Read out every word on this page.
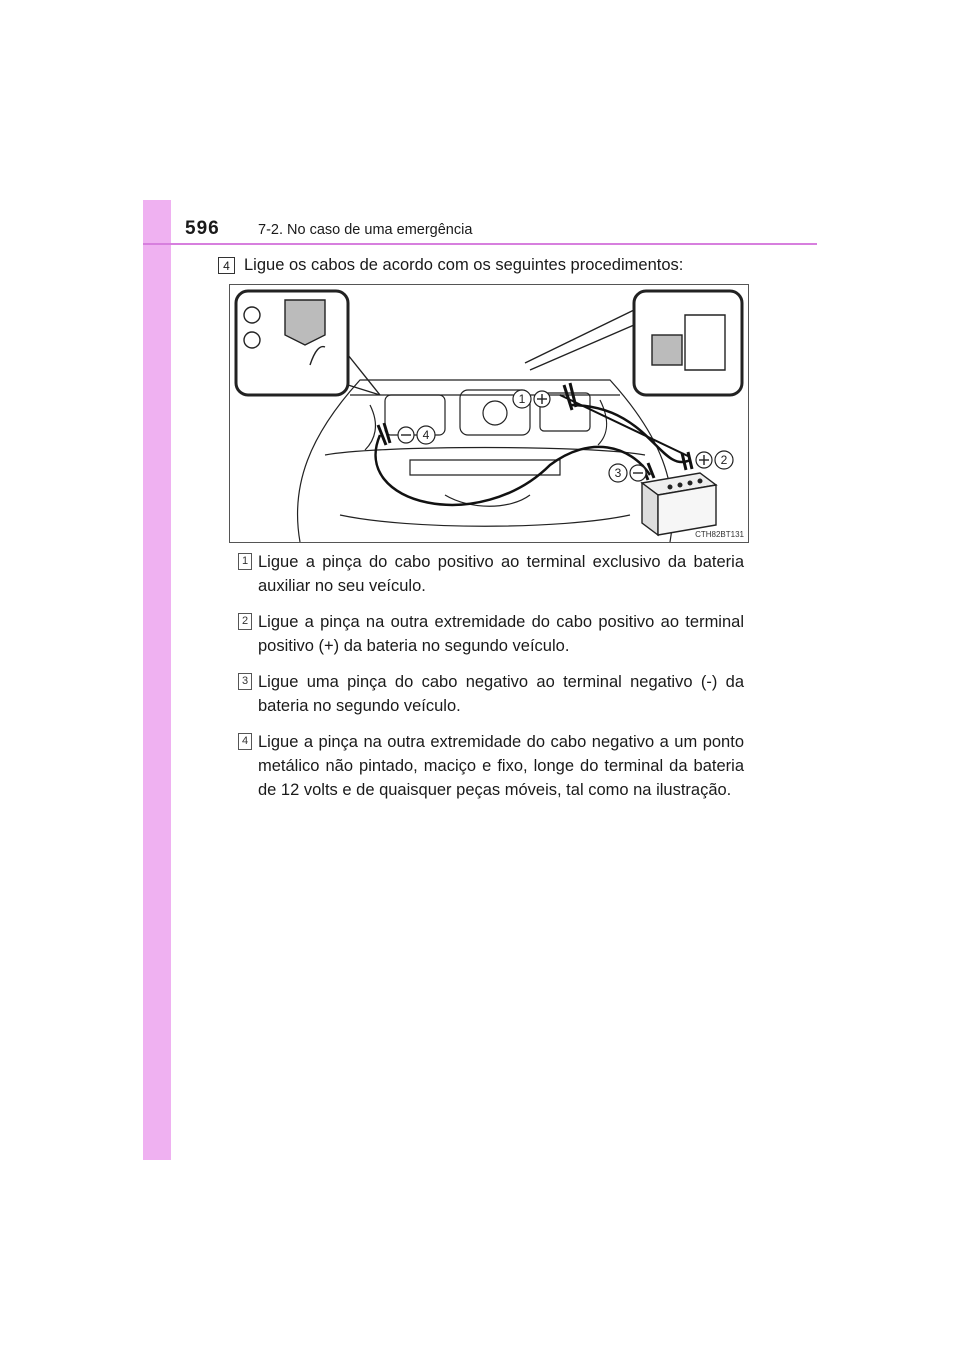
596	7-2. No caso de uma emergência
4 Ligue os cabos de acordo com os seguintes procedimentos:
1
2
3
4
CTH82BT131
1 Ligue a pinça do cabo positivo ao terminal exclusivo da bateria auxiliar no seu veículo.
2 Ligue a pinça na outra extremidade do cabo positivo ao terminal positivo (+) da bateria no segundo veículo.
3 Ligue uma pinça do cabo negativo ao terminal negativo (-) da bateria no segundo veículo.
4 Ligue a pinça na outra extremidade do cabo negativo a um ponto metálico não pintado, maciço e fixo, longe do terminal da bateria de 12 volts e de quaisquer peças móveis, tal como na ilustração.
